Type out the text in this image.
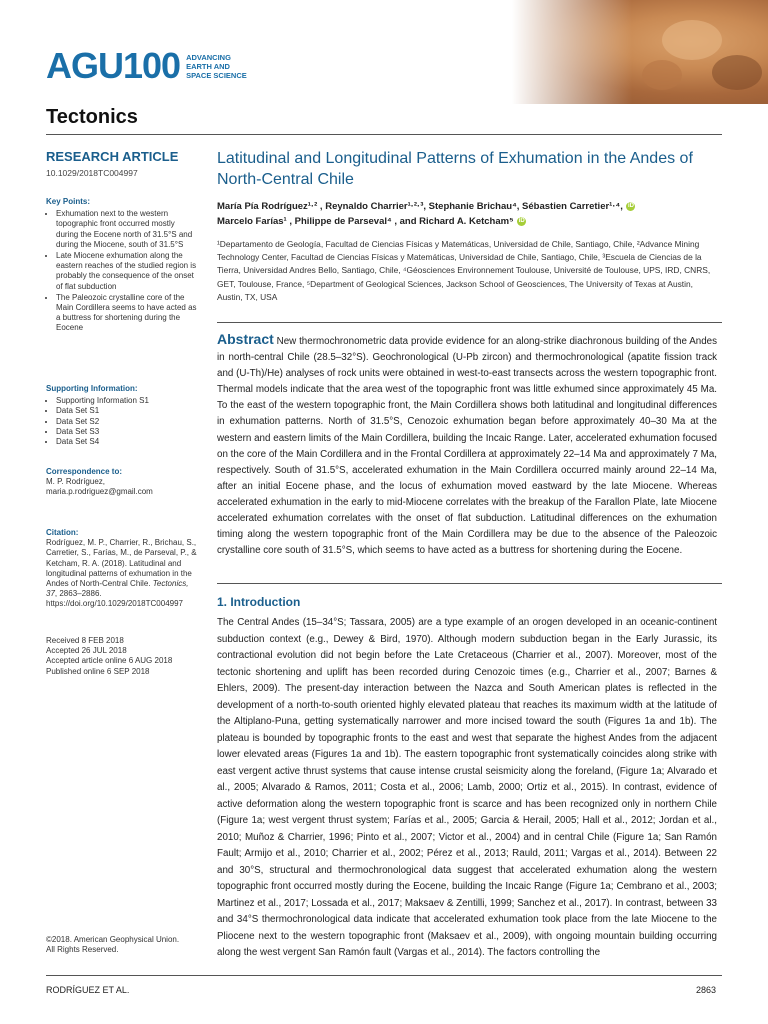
AGU100 ADVANCING
EARTH AND
SPACE SCIENCE
Tectonics
RESEARCH ARTICLE
10.1029/2018TC004997

Key Points:

• Exhumation next to the western topographic front occurred mostly during the Eocene north of 31.5°S and during the Miocene, south of 31.5°S
• Late Miocene exhumation along the eastern reaches of the studied region is probably the consequence of the onset of flat subduction
• The Paleozoic crystalline core of the Main Cordillera seems to have acted as a buttress for shortening during the Eocene

Supporting Information:

• Supporting Information S1
• Data Set S1
• Data Set S2
• Data Set S3
• Data Set S4

Correspondence to:

M. P. Rodríguez,
maria.p.rodriguez@gmail.com

Citation:

Rodríguez, M. P., Charrier, R., Brichau, S., Carretier, S., Farías, M., de Parseval, P., & Ketcham, R. A. (2018). Latitudinal and longitudinal patterns of exhumation in the Andes of North-Central Chile. Tectonics, 37, 2863–2886. https://doi.org/10.1029/2018TC004997
Received 8 FEB 2018
Accepted 26 JUL 2018
Accepted article online 6 AUG 2018
Published online 6 SEP 2018
©2018. American Geophysical Union.
All Rights Reserved.
Latitudinal and Longitudinal Patterns of Exhumation in the Andes of North-Central Chile
María Pía Rodríguez¹·² , Reynaldo Charrier¹·²·³, Stephanie Brichau⁴, Sébastien Carretier¹·⁴, iD
Marcelo Farías¹ , Philippe de Parseval⁴ , and Richard A. Ketcham⁵ iD
¹Departamento de Geología, Facultad de Ciencias Físicas y Matemáticas, Universidad de Chile, Santiago, Chile, ²Advance Mining Technology Center, Facultad de Ciencias Físicas y Matemáticas, Universidad de Chile, Santiago, Chile, ³Escuela de Ciencias de la Tierra, Universidad Andres Bello, Santiago, Chile, ⁴Géosciences Environnement Toulouse, Université de Toulouse, UPS, IRD, CNRS, GET, Toulouse, France, ⁵Department of Geological Sciences, Jackson School of Geosciences, The University of Texas at Austin, Austin, TX, USA
Abstract New thermochronometric data provide evidence for an along-strike diachronous building of the Andes in north-central Chile (28.5–32°S). Geochronological (U-Pb zircon) and thermochronological (apatite fission track and (U-Th)/He) analyses of rock units were obtained in west-to-east transects across the western topographic front. Thermal models indicate that the area west of the topographic front was little exhumed since approximately 45 Ma. To the east of the western topographic front, the Main Cordillera shows both latitudinal and longitudinal differences in exhumation patterns. North of 31.5°S, Cenozoic exhumation began before approximately 40–30 Ma at the western and eastern limits of the Main Cordillera, building the Incaic Range. Later, accelerated exhumation focused on the core of the Main Cordillera and in the Frontal Cordillera at approximately 22–14 Ma and approximately 7 Ma, respectively. South of 31.5°S, accelerated exhumation in the Main Cordillera occurred mainly around 22–14 Ma, after an initial Eocene phase, and the locus of exhumation moved eastward by the late Miocene. Whereas accelerated exhumation in the early to mid-Miocene correlates with the breakup of the Farallon Plate, late Miocene accelerated exhumation correlates with the onset of flat subduction. Latitudinal differences on the exhumation timing along the western topographic front of the Main Cordillera may be due to the absence of the Paleozoic crystalline core south of 31.5°S, which seems to have acted as a buttress for shortening during the Eocene.
1. Introduction
The Central Andes (15–34°S; Tassara, 2005) are a type example of an orogen developed in an oceanic-continent subduction context (e.g., Dewey & Bird, 1970). Although modern subduction began in the Early Jurassic, its contractional evolution did not begin before the Late Cretaceous (Charrier et al., 2007). Moreover, most of the tectonic shortening and uplift has been recorded during Cenozoic times (e.g., Charrier et al., 2007; Barnes & Ehlers, 2009). The present-day interaction between the Nazca and South American plates is reflected in the development of a north-to-south oriented highly elevated plateau that reaches its maximum width at the latitude of the Altiplano-Puna, getting systematically narrower and more incised toward the south (Figures 1a and 1b). The plateau is bounded by topographic fronts to the east and west that separate the highest Andes from the adjacent lower elevated areas (Figures 1a and 1b). The eastern topographic front systematically coincides along strike with east vergent active thrust systems that cause intense crustal seismicity along the foreland, (Figure 1a; Alvarado et al., 2005; Alvarado & Ramos, 2011; Costa et al., 2006; Lamb, 2000; Ortiz et al., 2015). In contrast, evidence of active deformation along the western topographic front is scarce and has been recognized only in northern Chile (Figure 1a; west vergent thrust system; Farías et al., 2005; Garcia & Herail, 2005; Hall et al., 2012; Jordan et al., 2010; Muñoz & Charrier, 1996; Pinto et al., 2007; Victor et al., 2004) and in central Chile (Figure 1a; San Ramón Fault; Armijo et al., 2010; Charrier et al., 2002; Pérez et al., 2013; Rauld, 2011; Vargas et al., 2014). Between 22 and 30°S, structural and thermochronological data suggest that accelerated exhumation along the western topographic front occurred mostly during the Eocene, building the Incaic Range (Figure 1a; Cembrano et al., 2003; Martinez et al., 2017; Lossada et al., 2017; Maksaev & Zentilli, 1999; Sanchez et al., 2017). In contrast, between 33 and 34°S thermochronological data indicate that accelerated exhumation took place from the late Miocene to the Pliocene next to the western topographic front (Maksaev et al., 2009), with ongoing mountain building occurring along the west vergent San Ramón fault (Vargas et al., 2014). The factors controlling the
RODRÍGUEZ ET AL.	2863
